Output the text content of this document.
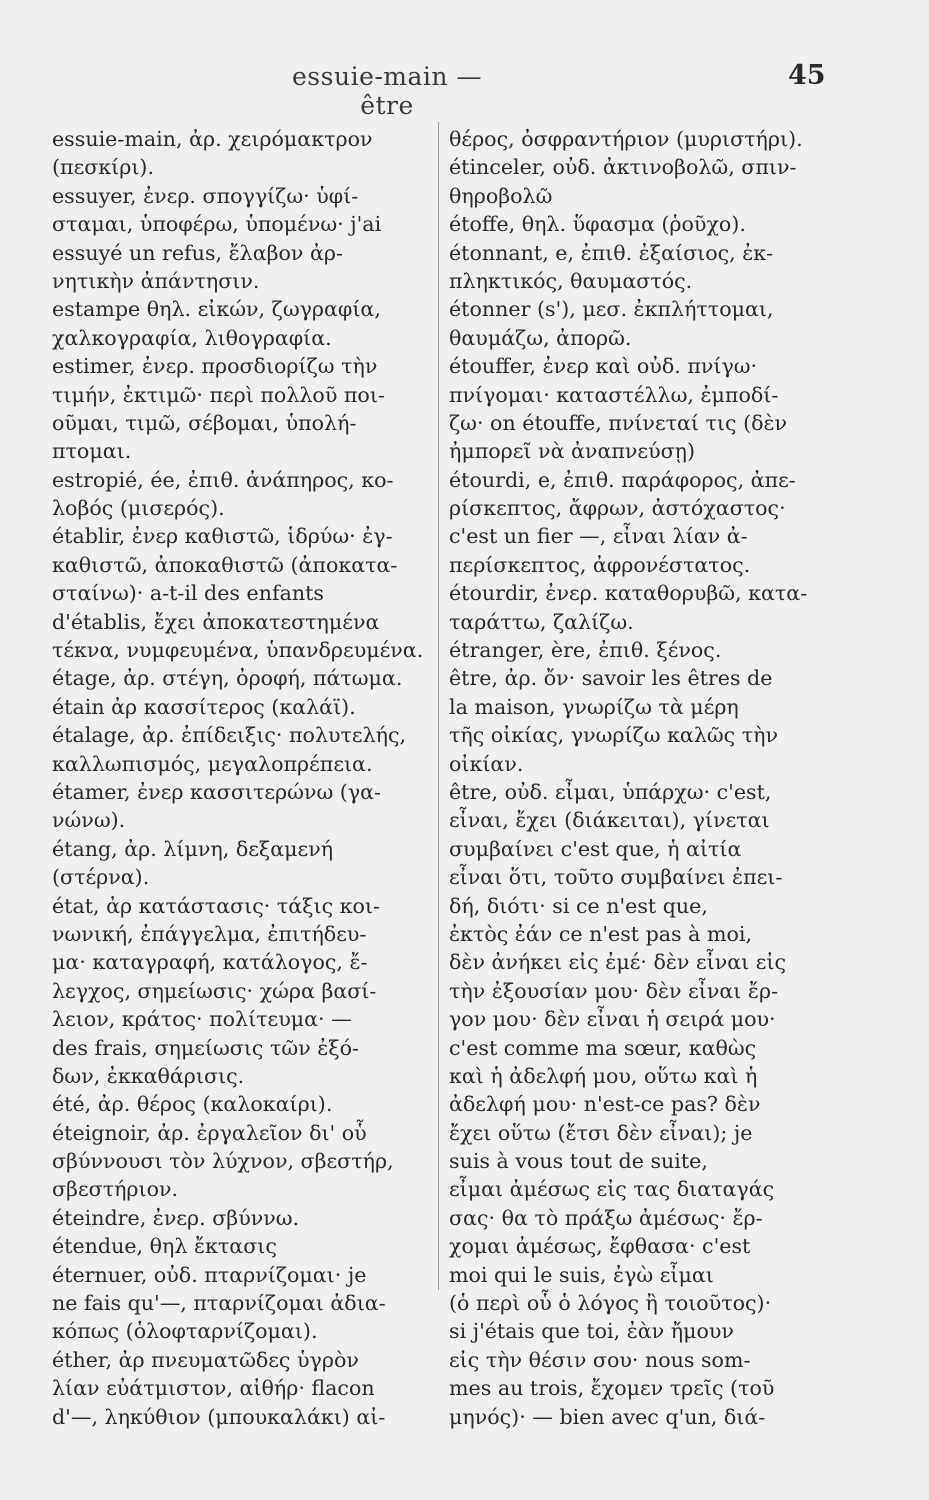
essuie-main — être
45
essuie-main, ἀρ. χειρόμακτρον
(πεσκίρι).
essuyer, ἐνερ. σπογγίζω· ὑφί-
σταμαι, ὑποφέρω, ὑπομένω· j'ai
essuyé un refus, ἔλαβον ἀρ-
νητικὴν ἀπάντησιν.
estampe θηλ. εἰκών, ζωγραφία,
χαλκογραφία, λιθογραφία.
estimer, ἐνερ. προσδιορίζω τὴν
τιμήν, ἐκτιμῶ· περὶ πολλοῦ ποι-
οῦμαι, τιμῶ, σέβομαι, ὑπολή-
πτομαι.
estropié, ée, ἐπιθ. ἀνάπηρος, κο-
λοβός (μισερός).
établir, ἐνερ καθιστῶ, ἱδρύω· ἐγ-
καθιστῶ, ἀποκαθιστῶ (ἀποκατα-
σταίνω)· a-t-il des enfants
d'établis, ἔχει ἀποκατεστημένα
τέκνα, νυμφευμένα, ὑπανδρευμένα.
étage, ἀρ. στέγη, ὀροφή, πάτωμα.
étain ἀρ κασσίτερος (καλάϊ).
étalage, ἀρ. ἐπίδειξις· πολυτελής,
καλλωπισμός, μεγαλοπρέπεια.
étamer, ἐνερ κασσιτερώνω (γα-
νώνω).
étang, ἀρ. λίμνη, δεξαμενή
(στέρνα).
état, ἀρ κατάστασις· τάξις κοι-
νωνική, ἐπάγγελμα, ἐπιτήδευ-
μα· καταγραφή, κατάλογος, ἔ-
λεγχος, σημείωσις· χώρα βασί-
λειον, κράτος· πολίτευμα· —
des frais, σημείωσις τῶν ἐξό-
δων, ἐκκαθάρισις.
été, ἀρ. θέρος (καλοκαίρι).
éteignoir, ἀρ. ἐργαλεῖον δι' οὗ
σβύννουσι τὸν λύχνον, σβεστήρ,
σβεστήριον.
éteindre, ἐνερ. σβύννω.
étendue, θηλ ἔκτασις
éternuer, οὐδ. πταρνίζομαι· je
ne fais qu'—, πταρνίζομαι ἀδια-
κόπως (ὁλοφταρνίζομαι).
éther, ἀρ πνευματῶδες ὑγρὸν
λίαν εὐάτμιστον, αἰθήρ· flacon
d'—, ληκύθιον (μπουκαλάκι) αἰ-
θέρος, ὀσφραντήριον (μυριστήρι).
étinceler, οὐδ. ἀκτινοβολῶ, σπιν-
θηροβολῶ
étoffe, θηλ. ὕφασμα (ῥοῦχο).
étonnant, e, ἐπιθ. ἐξαίσιος, ἐκ-
πληκτικός, θαυμαστός.
étonner (s'), μεσ. ἐκπλήττομαι,
θαυμάζω, ἀπορῶ.
étouffer, ἐνερ καὶ οὐδ. πνίγω·
πνίγομαι· καταστέλλω, ἐμποδί-
ζω· on étouffe, πνίνεταί τις (δὲν
ἠμπορεῖ νὰ ἀναπνεύσῃ)
étourdi, e, ἐπιθ. παράφορος, ἀπε-
ρίσκεπτος, ἄφρων, ἀστόχαστος·
c'est un fier —, εἶναι λίαν ἀ-
περίσκεπτος, ἀφρονέστατος.
étourdir, ἐνερ. καταθορυβῶ, κατα-
ταράττω, ζαλίζω.
étranger, ère, ἐπιθ. ξένος.
être, ἀρ. ὄν· savoir les êtres de
la maison, γνωρίζω τὰ μέρη
τῆς οἰκίας, γνωρίζω καλῶς τὴν
οἰκίαν.
être, οὐδ. εἶμαι, ὑπάρχω· c'est,
εἶναι, ἔχει (διάκειται), γίνεται
συμβαίνει c'est que, ἡ αἰτία
εἶναι ὅτι, τοῦτο συμβαίνει ἐπει-
δή, διότι· si ce n'est que,
ἐκτὸς ἐάν ce n'est pas à moi,
δὲν ἀνήκει εἰς ἐμέ· δὲν εἶναι εἰς
τὴν ἐξουσίαν μου· δὲν εἶναι ἔρ-
γον μου· δὲν εἶναι ἡ σειρά μου·
c'est comme ma sœur, καθὼς
καὶ ἡ ἀδελφή μου, οὕτω καὶ ἡ
ἀδελφή μου· n'est-ce pas? δὲν
ἔχει οὕτω (ἔτσι δὲν εἶναι); je
suis à vous tout de suite,
εἶμαι ἀμέσως εἰς τας διαταγάς
σας· θα τὸ πράξω ἀμέσως· ἔρ-
χομαι ἀμέσως, ἔφθασα· c'est
moi qui le suis, ἐγὼ εἶμαι
(ὁ περὶ οὗ ὁ λόγος ἢ τοιοῦτος)·
si j'étais que toi, ἐὰν ἤμουν
εἰς τὴν θέσιν σου· nous som-
mes au trois, ἔχομεν τρεῖς (τοῦ
μηνός)· — bien avec q'un, διά-
